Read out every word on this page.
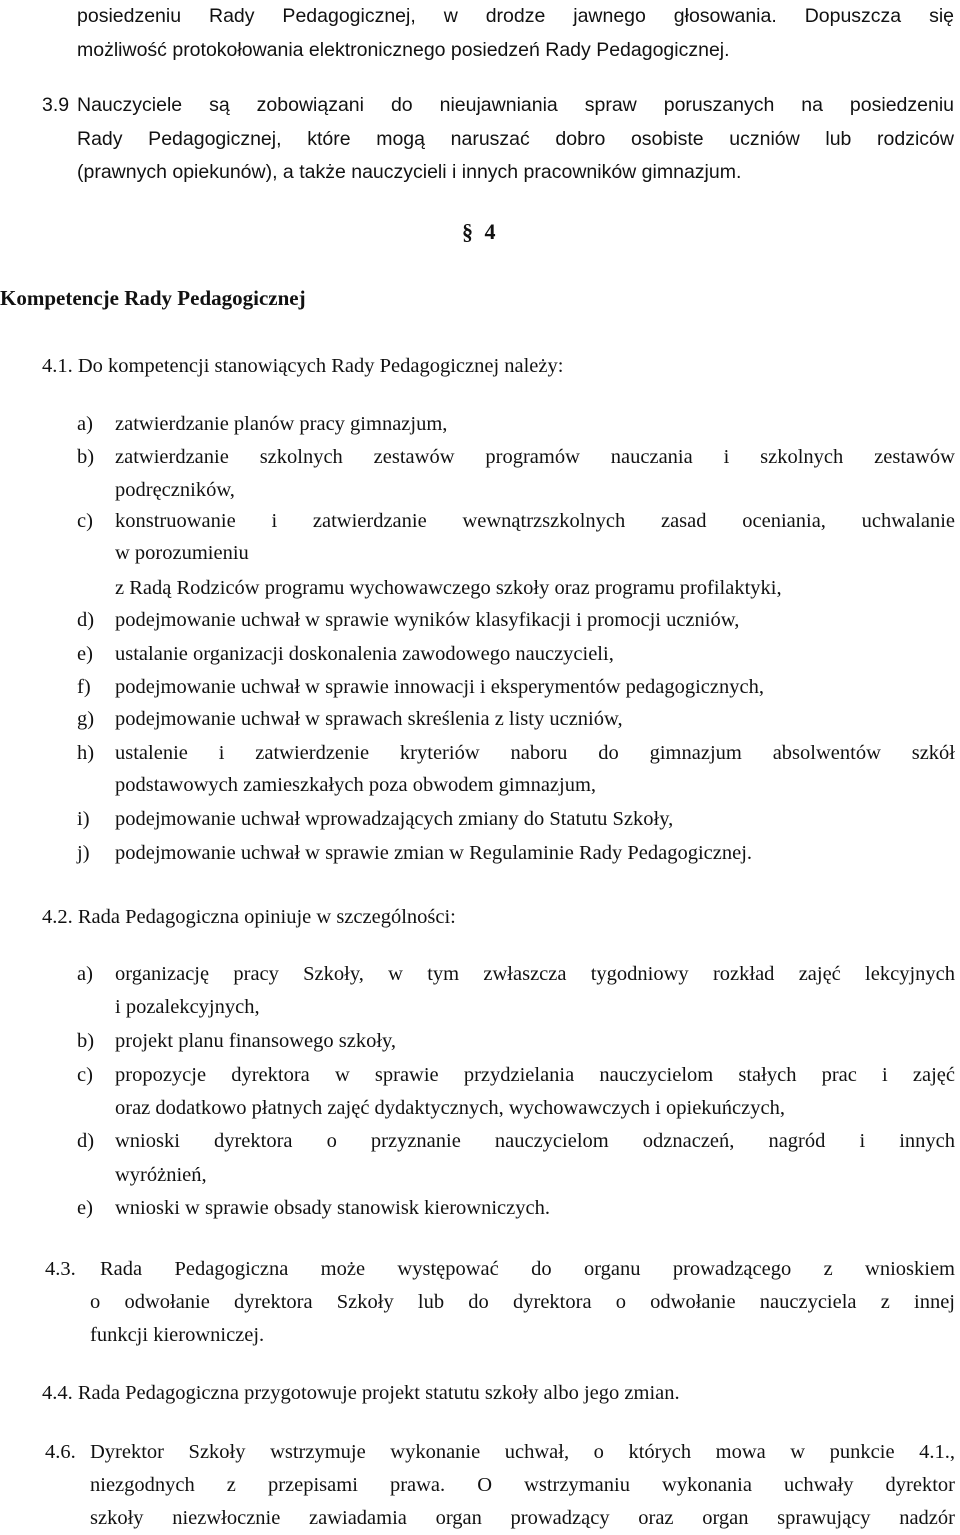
posiedzeniu Rady Pedagogicznej, w drodze jawnego głosowania. Dopuszcza się
możliwość protokołowania elektronicznego posiedzeń Rady Pedagogicznej.
3.9 Nauczyciele są zobowiązani do nieujawniania spraw poruszanych na posiedzeniu
Rady Pedagogicznej, które mogą naruszać dobro osobiste uczniów lub rodziców
(prawnych opiekunów), a także nauczycieli i innych pracowników gimnazjum.
§ 4
Kompetencje Rady Pedagogicznej
4.1. Do kompetencji stanowiących Rady Pedagogicznej należy:
a) zatwierdzanie planów pracy gimnazjum,
b) zatwierdzanie szkolnych zestawów programów nauczania i szkolnych zestawów
podręczników,
c) konstruowanie i zatwierdzanie wewnątrzszkolnych zasad oceniania, uchwalanie
w porozumieniu
z Radą Rodziców programu wychowawczego szkoły oraz programu profilaktyki,
d) podejmowanie uchwał w sprawie wyników klasyfikacji i promocji uczniów,
e) ustalanie organizacji doskonalenia zawodowego nauczycieli,
f) podejmowanie uchwał w sprawie innowacji i eksperymentów pedagogicznych,
g) podejmowanie uchwał w sprawach skreślenia z listy uczniów,
h) ustalenie i zatwierdzenie kryteriów naboru do gimnazjum absolwentów szkół
podstawowych zamieszkałych poza obwodem gimnazjum,
i) podejmowanie uchwał wprowadzających zmiany do Statutu Szkoły,
j) podejmowanie uchwał w sprawie zmian w Regulaminie Rady Pedagogicznej.
4.2. Rada Pedagogiczna opiniuje w szczególności:
a) organizację pracy Szkoły, w tym zwłaszcza tygodniowy rozkład zajęć lekcyjnych
i pozalekcyjnych,
b) projekt planu finansowego szkoły,
c) propozycje dyrektora w sprawie przydzielania nauczycielom stałych prac i zajęć
oraz dodatkowo płatnych zajęć dydaktycznych, wychowawczych i opiekuńczych,
d) wnioski dyrektora o przyznanie nauczycielom odznaczeń, nagród i innych
wyróżnień,
e) wnioski w sprawie obsady stanowisk kierowniczych.
4.3. Rada Pedagogiczna może występować do organu prowadzącego z wnioskiem
o odwołanie dyrektora Szkoły lub do dyrektora o odwołanie nauczyciela z innej
funkcji kierowniczej.
4.4. Rada Pedagogiczna przygotowuje projekt statutu szkoły albo jego zmian.
4.6. Dyrektor Szkoły wstrzymuje wykonanie uchwał, o których mowa w punkcie 4.1.,
niezgodnych z przepisami prawa. O wstrzymaniu wykonania uchwały dyrektor
szkoły niezwłocznie zawiadamia organ prowadzący oraz organ sprawujący nadzór
